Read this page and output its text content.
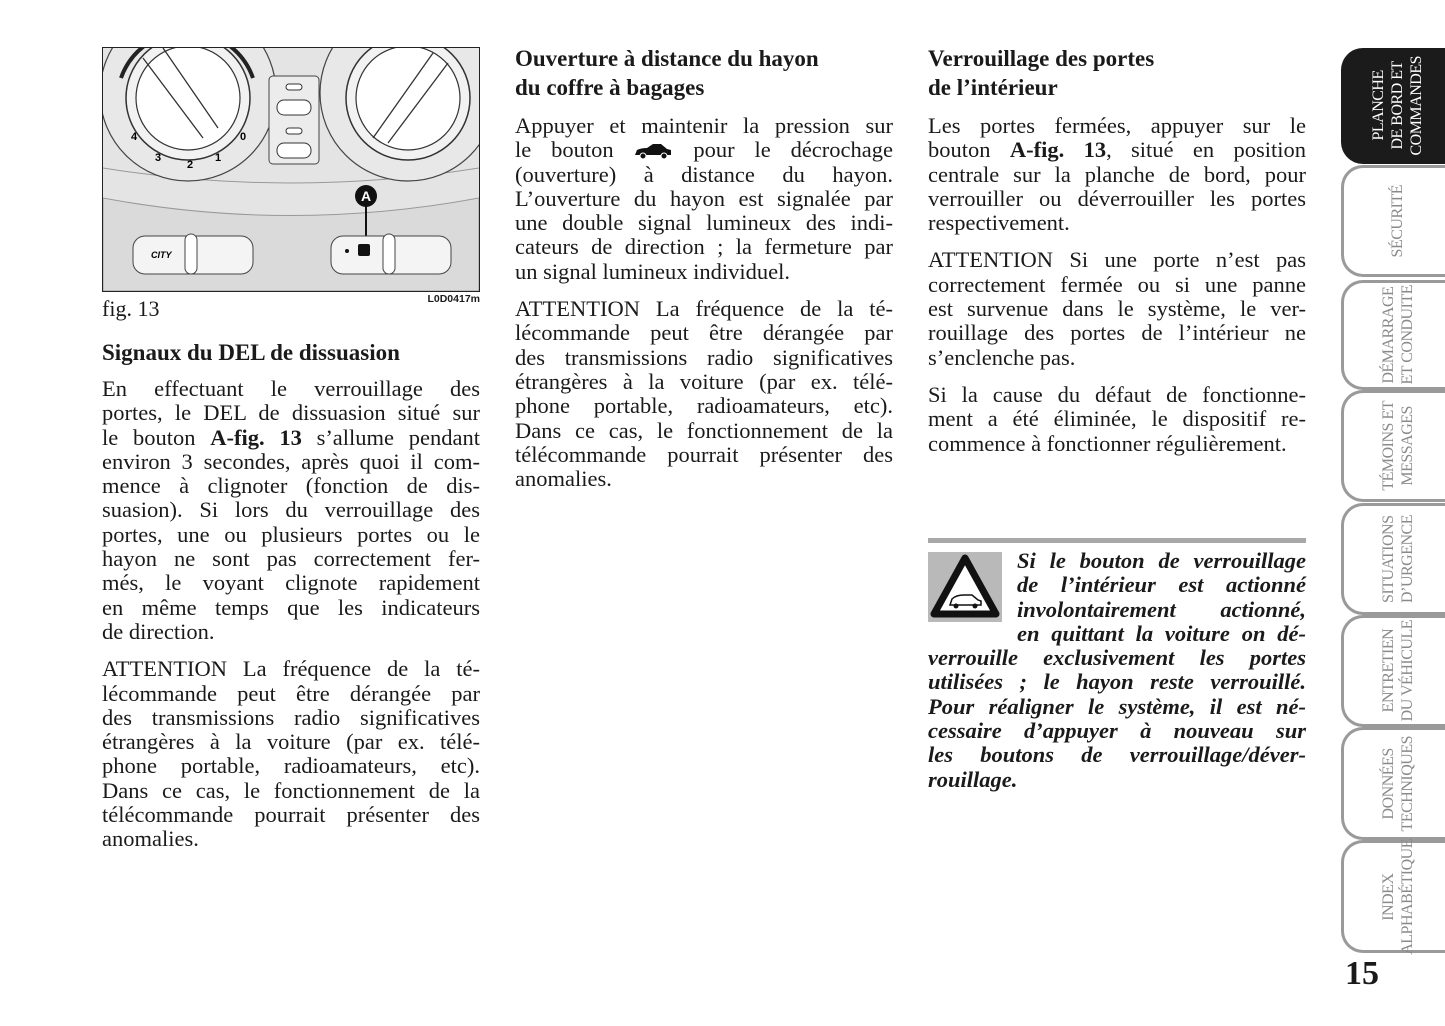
4
3
2
1
0
A
CITY
fig. 13	L0D0417m
Signaux du DEL de dissuasion
En effectuant le verrouillage des
portes, le DEL de dissuasion situé sur
le bouton A-fig. 13 s’allume pendant
environ 3 secondes, après quoi il com-
mence à clignoter (fonction de dis-
suasion). Si lors du verrouillage des
portes, une ou plusieurs portes ou le
hayon ne sont pas correctement fer-
més, le voyant clignote rapidement
en même temps que les indicateurs
de direction.
ATTENTION La fréquence de la té-
lécommande peut être dérangée par
des transmissions radio significatives
étrangères à la voiture (par ex. télé-
phone portable, radioamateurs, etc).
Dans ce cas, le fonctionnement de la
télécommande pourrait présenter des
anomalies.
Ouverture à distance du hayon
du coffre à bagages
Appuyer et maintenir la pression sur
le bouton  pour le décrochage
(ouverture) à distance du hayon.
L’ouverture du hayon est signalée par
une double signal lumineux des indi-
cateurs de direction ; la fermeture par
un signal lumineux individuel.
ATTENTION La fréquence de la té-
lécommande peut être dérangée par
des transmissions radio significatives
étrangères à la voiture (par ex. télé-
phone portable, radioamateurs, etc).
Dans ce cas, le fonctionnement de la
télécommande pourrait présenter des
anomalies.
Verrouillage des portes
de l’intérieur
Les portes fermées, appuyer sur le
bouton A-fig. 13, situé en position
centrale sur la planche de bord, pour
verrouiller ou déverrouiller les portes
respectivement.
ATTENTION Si une porte n’est pas
correctement fermée ou si une panne
est survenue dans le système, le ver-
rouillage des portes de l’intérieur ne
s’enclenche pas.
Si la cause du défaut de fonctionne-
ment a été éliminée, le dispositif re-
commence à fonctionner régulièrement.
Si le bouton de verrouillage
de l’intérieur est actionné
involontairement actionné,
en quittant la voiture on dé-
verrouille exclusivement les portes
utilisées ; le hayon reste verrouillé.
Pour réaligner le système, il est né-
cessaire d’appuyer à nouveau sur
les boutons de verrouillage/déver-
rouillage.
PLANCHE DE BORD ET COMMANDES
SÉCURITÉ
DÉMARRAGE ET CONDUITE
TÉMOINS ET MESSAGES
SITUATIONS D’URGENCE
ENTRETIEN DU VÉHICULE
DONNÉES TECHNIQUES
INDEX ALPHABÉTIQUE
15
